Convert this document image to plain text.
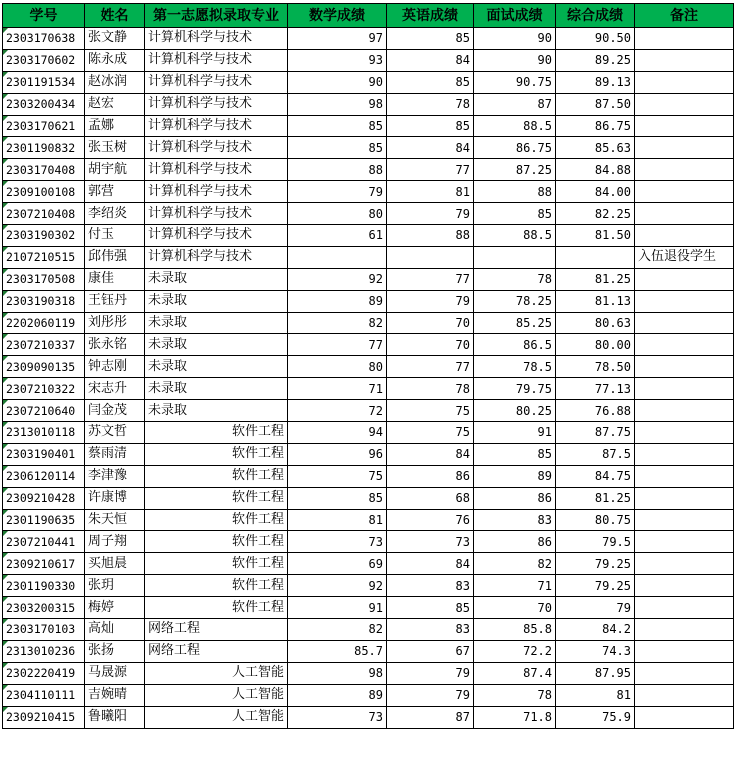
学号	姓名	第一志愿拟录取专业	数学成绩	英语成绩	面试成绩	综合成绩	备注
2303170638	张文静	计算机科学与技术	97	85	90	90.50	
2303170602	陈永成	计算机科学与技术	93	84	90	89.25	
2301191534	赵冰润	计算机科学与技术	90	85	90.75	89.13	
2303200434	赵宏	计算机科学与技术	98	78	87	87.50	
2303170621	孟娜	计算机科学与技术	85	85	88.5	86.75	
2301190832	张玉树	计算机科学与技术	85	84	86.75	85.63	
2303170408	胡宇航	计算机科学与技术	88	77	87.25	84.88	
2309100108	郭营	计算机科学与技术	79	81	88	84.00	
2307210408	李绍炎	计算机科学与技术	80	79	85	82.25	
2303190302	付玉	计算机科学与技术	61	88	88.5	81.50	
2107210515	邱伟强	计算机科学与技术					入伍退役学生
2303170508	康佳	未录取	92	77	78	81.25	
2303190318	王钰丹	未录取	89	79	78.25	81.13	
2202060119	刘彤彤	未录取	82	70	85.25	80.63	
2307210337	张永铭	未录取	77	70	86.5	80.00	
2309090135	钟志刚	未录取	80	77	78.5	78.50	
2307210322	宋志升	未录取	71	78	79.75	77.13	
2307210640	闫金茂	未录取	72	75	80.25	76.88	
2313010118	苏文哲	软件工程	94	75	91	87.75	
2303190401	蔡雨清	软件工程	96	84	85	87.5	
2306120114	李津豫	软件工程	75	86	89	84.75	
2309210428	许康博	软件工程	85	68	86	81.25	
2301190635	朱天恒	软件工程	81	76	83	80.75	
2307210441	周子翔	软件工程	73	73	86	79.5	
2309210617	买旭晨	软件工程	69	84	82	79.25	
2301190330	张玥	软件工程	92	83	71	79.25	
2303200315	梅婷	软件工程	91	85	70	79	
2303170103	高灿	网络工程	82	83	85.8	84.2	
2313010236	张扬	网络工程	85.7	67	72.2	74.3	
2302220419	马晟源	人工智能	98	79	87.4	87.95	
2304110111	吉婉晴	人工智能	89	79	78	81	
2309210415	鲁曦阳	人工智能	73	87	71.8	75.9	
